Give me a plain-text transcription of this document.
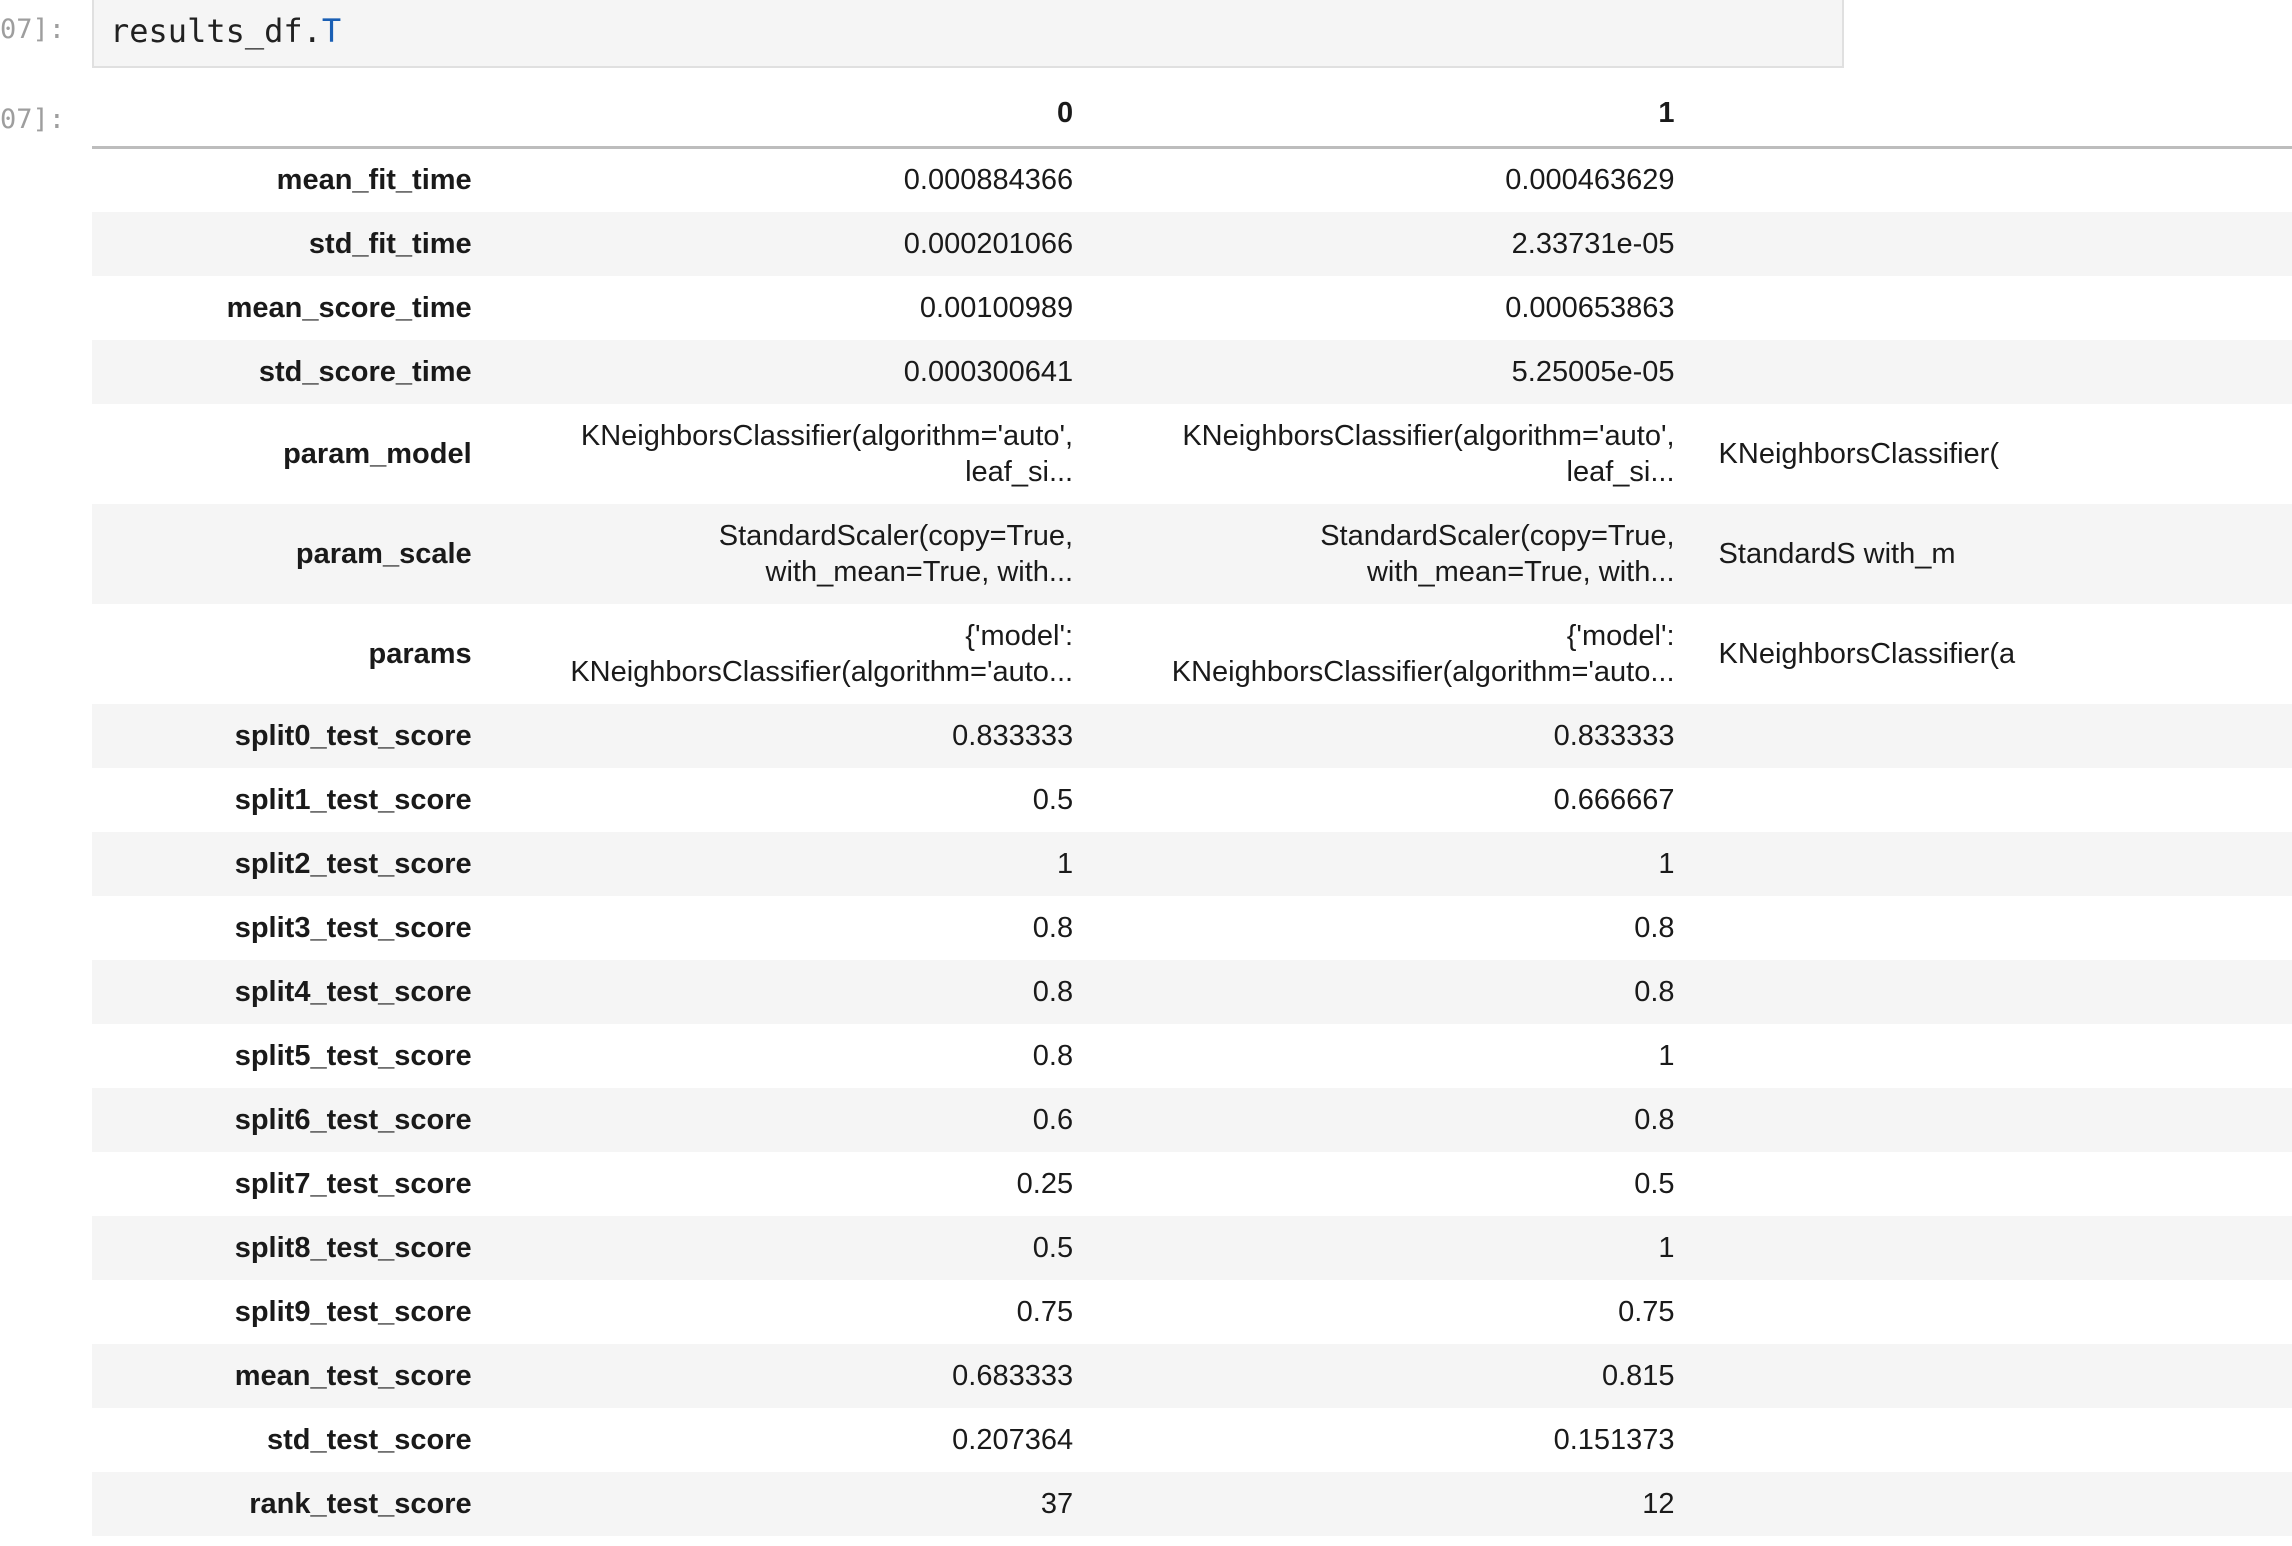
07]:	results_df.T
07]:
		0	1	
mean_fit_time	0.000884366	0.000463629	
std_fit_time	0.000201066	2.33731e-05	
mean_score_time	0.00100989	0.000653863	
std_score_time	0.000300641	5.25005e-05	
param_model	KNeighborsClassifier(algorithm='auto', leaf_si...	KNeighborsClassifier(algorithm='auto', leaf_si...	KNeighborsClassifier(
param_scale	StandardScaler(copy=True, with_mean=True, with...	StandardScaler(copy=True, with_mean=True, with...	StandardS with_m
params	{'model': KNeighborsClassifier(algorithm='auto...	{'model': KNeighborsClassifier(algorithm='auto...	KNeighborsClassifier(a
split0_test_score	0.833333	0.833333	
split1_test_score	0.5	0.666667	
split2_test_score	1	1	
split3_test_score	0.8	0.8	
split4_test_score	0.8	0.8	
split5_test_score	0.8	1	
split6_test_score	0.6	0.8	
split7_test_score	0.25	0.5	
split8_test_score	0.5	1	
split9_test_score	0.75	0.75	
mean_test_score	0.683333	0.815	
std_test_score	0.207364	0.151373	
rank_test_score	37	12	
